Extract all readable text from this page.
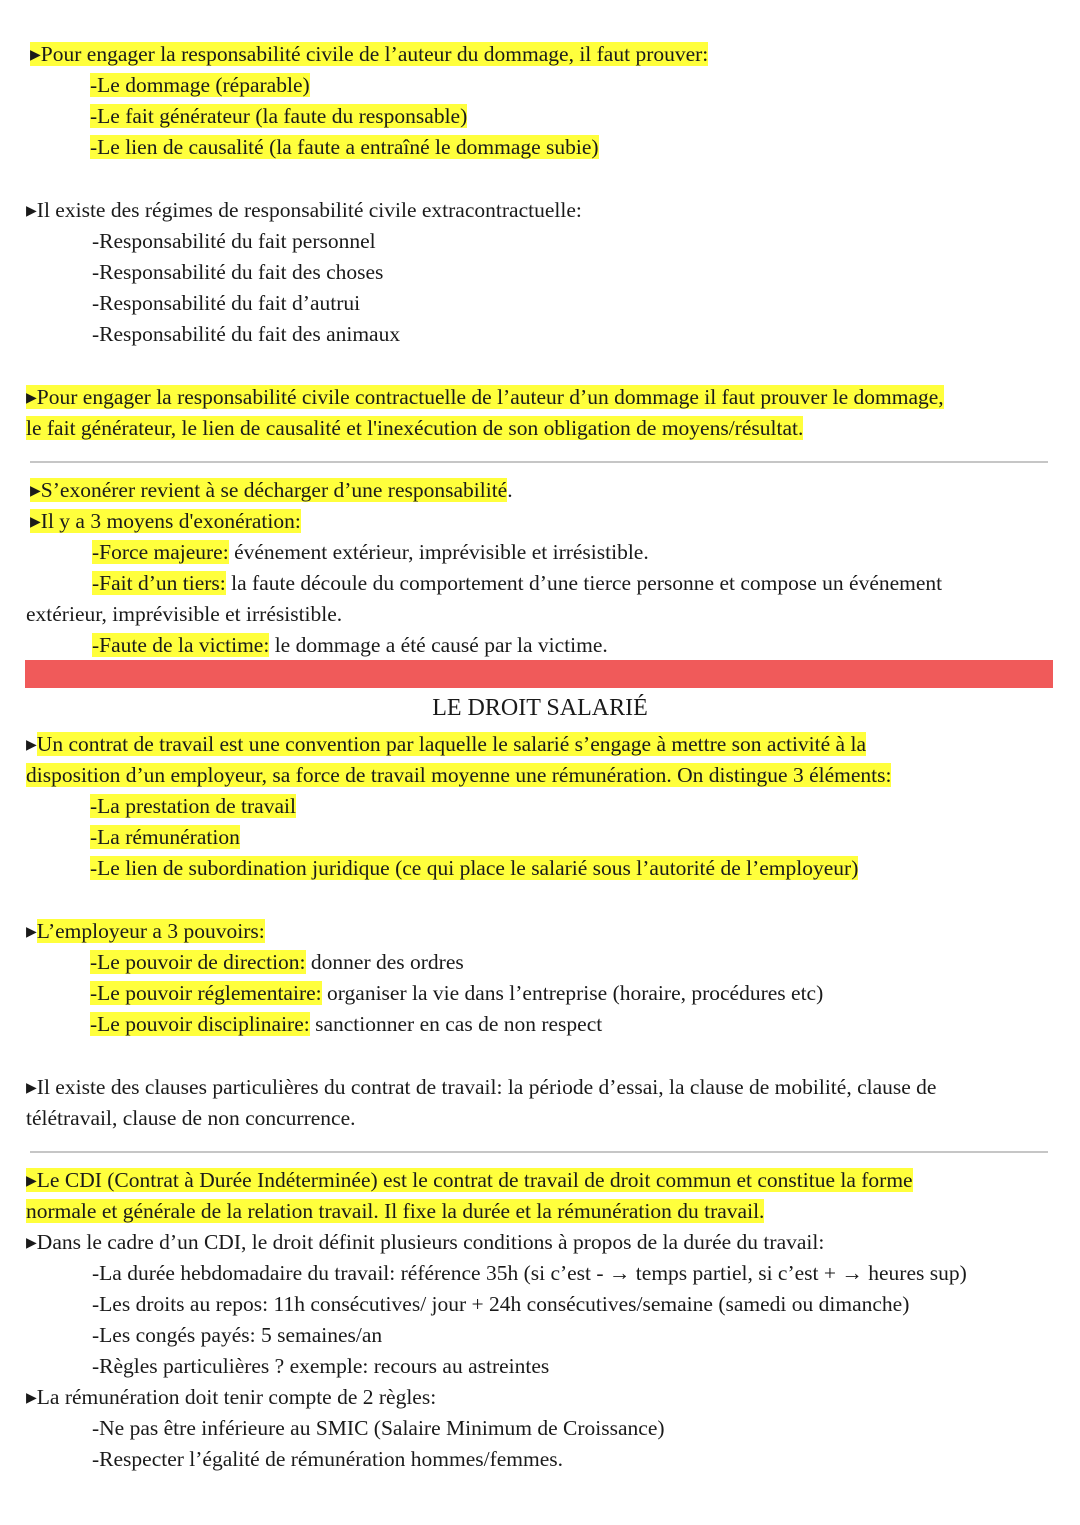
▸Pour engager la responsabilité civile de l’auteur du dommage, il faut prouver:
-Le dommage (réparable)
-Le fait générateur (la faute du responsable)
-Le lien de causalité (la faute a entraîné le dommage subie)
▸Il existe des régimes de responsabilité civile extracontractuelle:
-Responsabilité du fait personnel
-Responsabilité du fait des choses
-Responsabilité du fait d’autrui
-Responsabilité du fait des animaux
▸Pour engager la responsabilité civile contractuelle de l’auteur d’un dommage il faut prouver le dommage,
le fait générateur, le lien de causalité et l'inexécution de son obligation de moyens/résultat.
▸S’exonérer revient à se décharger d’une responsabilité.
▸Il y a 3 moyens d'exonération:
-Force majeure: événement extérieur, imprévisible et irrésistible.
-Fait d’un tiers: la faute découle du comportement d’une tierce personne et compose un événement
extérieur, imprévisible et irrésistible.
-Faute de la victime: le dommage a été causé par la victime.
LE DROIT SALARIÉ
▸Un contrat de travail est une convention par laquelle le salarié s’engage à mettre son activité à la
disposition d’un employeur, sa force de travail moyenne une rémunération. On distingue 3 éléments:
-La prestation de travail
-La rémunération
-Le lien de subordination juridique (ce qui place le salarié sous l’autorité de l’employeur)
▸L’employeur a 3 pouvoirs:
-Le pouvoir de direction: donner des ordres
-Le pouvoir réglementaire: organiser la vie dans l’entreprise (horaire, procédures etc)
-Le pouvoir disciplinaire: sanctionner en cas de non respect
▸Il existe des clauses particulières du contrat de travail: la période d’essai, la clause de mobilité, clause de
télétravail, clause de non concurrence.
▸Le CDI (Contrat à Durée Indéterminée) est le contrat de travail de droit commun et constitue la forme
normale et générale de la relation travail. Il fixe la durée et la rémunération du travail.
▸Dans le cadre d’un CDI, le droit définit plusieurs conditions à propos de la durée du travail:
-La durée hebdomadaire du travail: référence 35h (si c’est - → temps partiel, si c’est + → heures sup)
-Les droits au repos: 11h consécutives/ jour + 24h consécutives/semaine (samedi ou dimanche)
-Les congés payés: 5 semaines/an
-Règles particulières ? exemple: recours au astreintes
▸La rémunération doit tenir compte de 2 règles:
-Ne pas être inférieure au SMIC (Salaire Minimum de Croissance)
-Respecter l’égalité de rémunération hommes/femmes.
